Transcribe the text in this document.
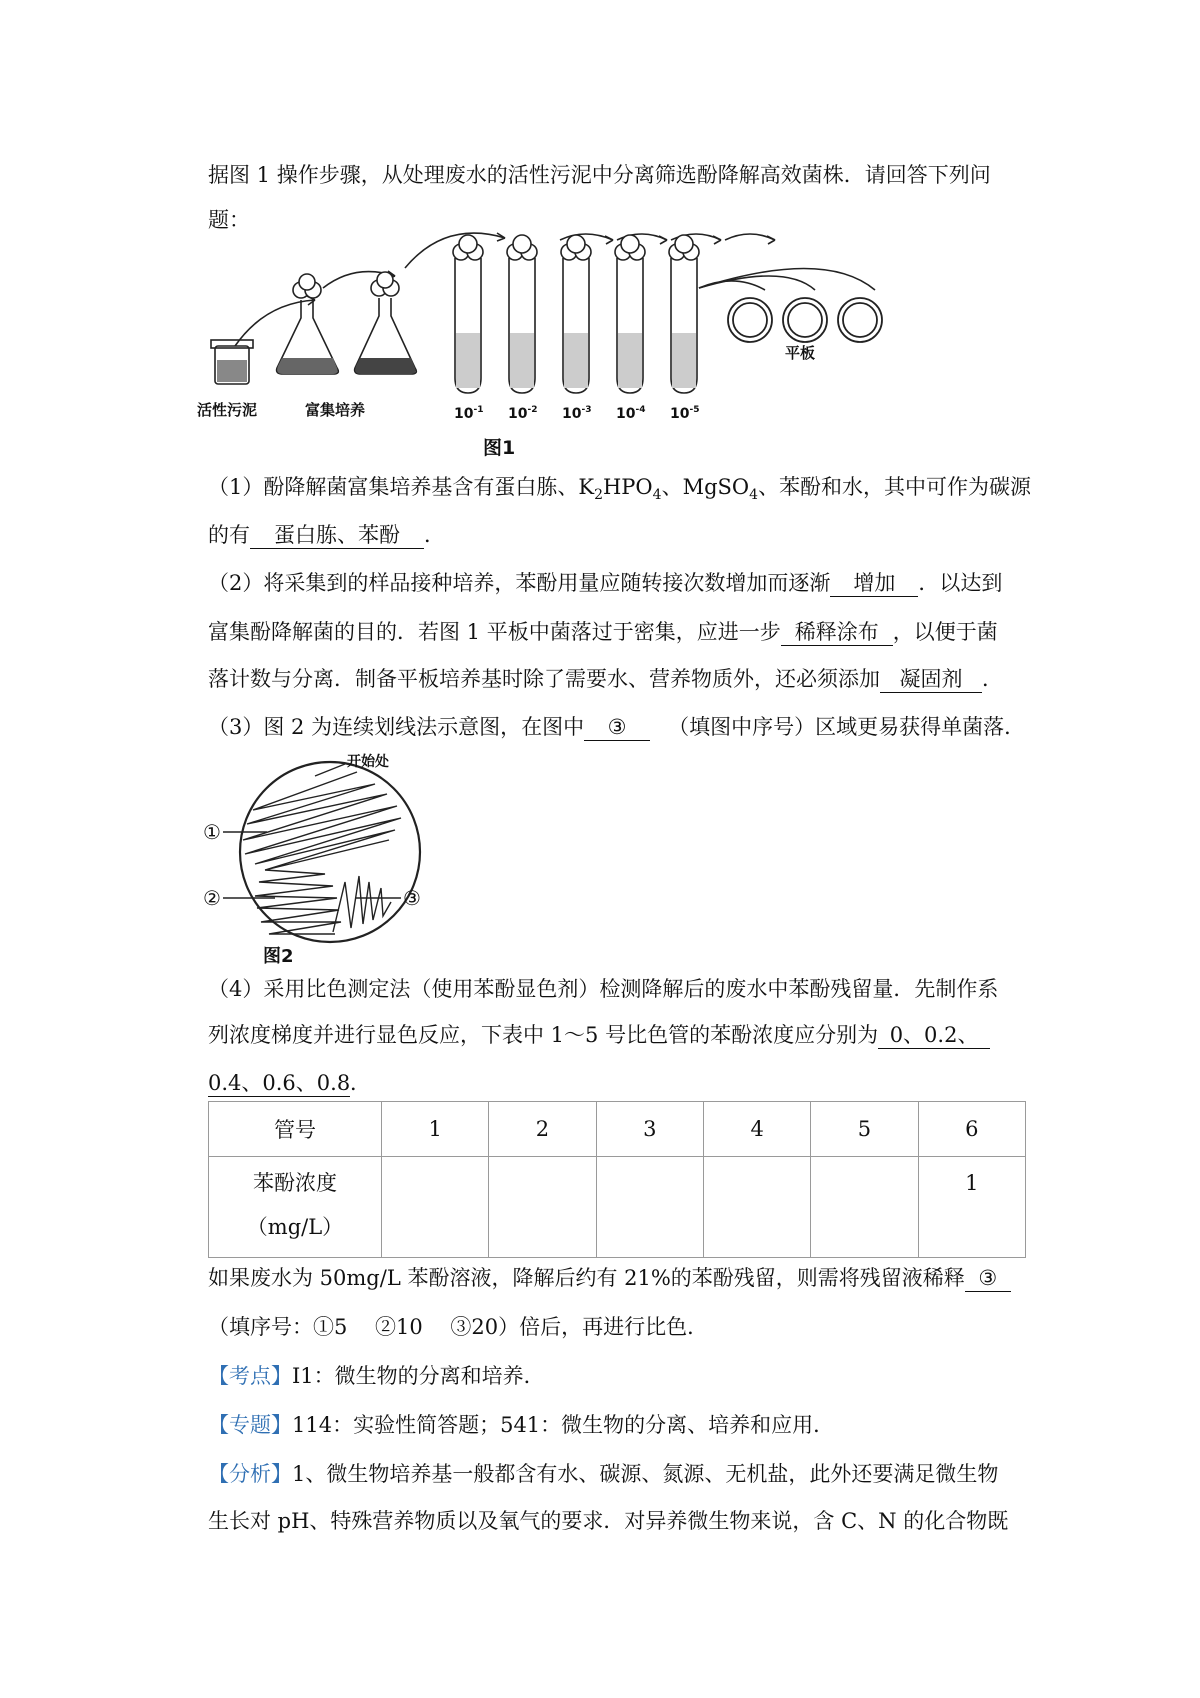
据图 1 操作步骤，从处理废水的活性污泥中分离筛选酚降解高效菌株．请回答下列问
题：
活性污泥	富集培养
平板
$10^{-1}$ $10^{-2}$ $10^{-3}$ $10^{-4}$ $10^{-5}$
图1
（1）酚降解菌富集培养基含有蛋白胨、$K_2HPO_4$、MgSO$_4$、苯酚和水，其中可作为碳源
的有 蛋白胨、苯酚 ．
（2）将采集到的样品接种培养，苯酚用量应随转接次数增加而逐渐 增加 ．以达到
富集酚降解菌的目的．若图 1 平板中菌落过于密集，应进一步 稀释涂布 ，以便于菌
落计数与分离．制备平板培养基时除了需要水、营养物质外，还必须添加 凝固剂 ．
（3）图 2 为连续划线法示意图，在图中 ③ （填图中序号）区域更易获得单菌落．
开始处
①
②	③
图2
（4）采用比色测定法（使用苯酚显色剂）检测降解后的废水中苯酚残留量．先制作系
列浓度梯度并进行显色反应，下表中 1～5 号比色管的苯酚浓度应分别为 0、0.2、
0.4、0.6、0.8．
管号	1	2	3	4	5	6

苯酚浓度
（mg/L）						1
如果废水为 50mg/L 苯酚溶液，降解后约有 21%的苯酚残留，则需将残留液稀释 ③
（填序号：①5　 ②10　 ③20）倍后，再进行比色．
【考点】I1：微生物的分离和培养．
【专题】114：实验性简答题；541：微生物的分离、培养和应用．
【分析】1、微生物培养基一般都含有水、碳源、氮源、无机盐，此外还要满足微生物
生长对 pH、特殊营养物质以及氧气的要求．对异养微生物来说，含 C、N 的化合物既
